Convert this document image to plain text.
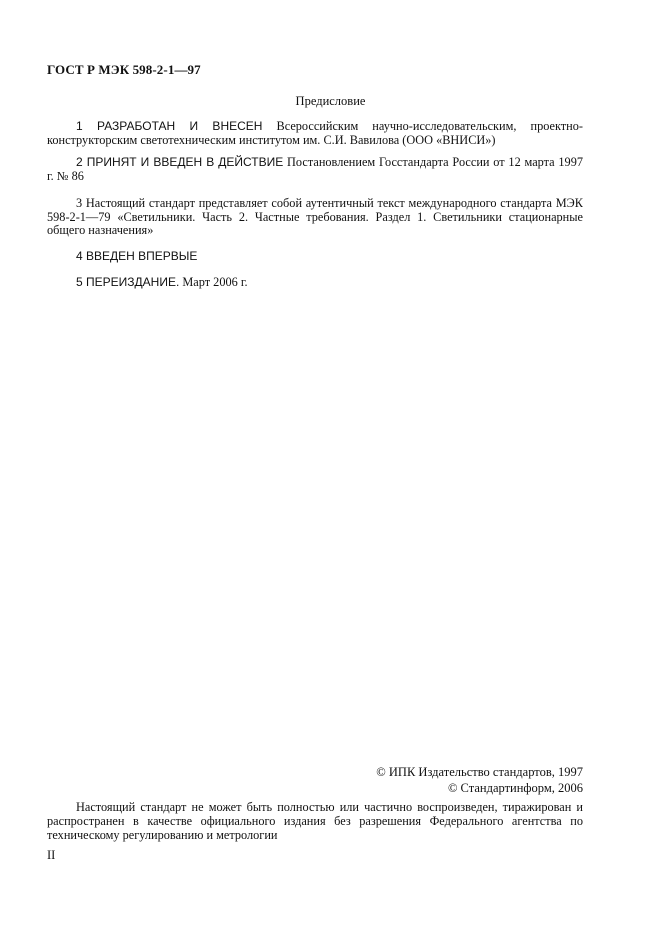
ГОСТ Р МЭК 598-2-1—97
Предисловие
1 РАЗРАБОТАН И ВНЕСЕН Всероссийским научно-исследовательским, проектно-конструкторским светотехническим институтом им. С.И. Вавилова (ООО «ВНИСИ»)
2 ПРИНЯТ И ВВЕДЕН В ДЕЙСТВИЕ Постановлением Госстандарта России от 12 марта 1997 г. № 86
3 Настоящий стандарт представляет собой аутентичный текст международного стандарта МЭК 598-2-1—79 «Светильники. Часть 2. Частные требования. Раздел 1. Светильники стационарные общего назначения»
4 ВВЕДЕН ВПЕРВЫЕ
5 ПЕРЕИЗДАНИЕ. Март 2006 г.
© ИПК Издательство стандартов, 1997
© Стандартинформ, 2006
Настоящий стандарт не может быть полностью или частично воспроизведен, тиражирован и распространен в качестве официального издания без разрешения Федерального агентства по техническому регулированию и метрологии
II
